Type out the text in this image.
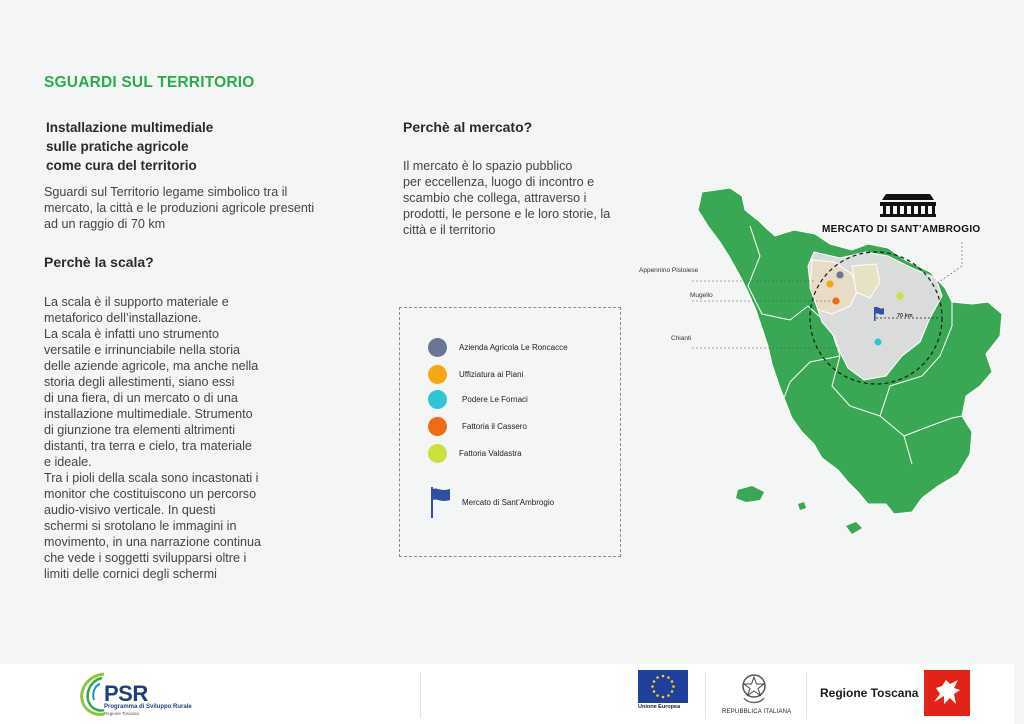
SGUARDI SUL TERRITORIO
Installazione multimediale
sulle pratiche agricole
come cura del territorio

Sguardi sul Territorio legame simbolico tra il
mercato, la città e le produzioni agricole presenti
ad un raggio di 70 km

Perchè la scala?

La scala è il supporto materiale e
metaforico dell’installazione.
La scala è infatti uno strumento
versatile e irrinunciabile nella storia
delle aziende agricole, ma anche nella
storia degli allestimenti, siano essi
di una fiera, di un mercato o di una
installazione multimediale. Strumento
di giunzione tra elementi altrimenti
distanti, tra terra e cielo, tra materiale
e ideale.
Tra i pioli della scala sono incastonati i
monitor che costituiscono un percorso
audio-visivo verticale. In questi
schermi si srotolano le immagini in
movimento, in una narrazione continua
che vede i soggetti svilupparsi oltre i
limiti delle cornici degli schermi

Perchè al mercato?

Il mercato è lo spazio pubblico
per eccellenza, luogo di incontro e
scambio che collega, attraverso i
prodotti, le persone e le loro storie, la
città e il territorio

Azienda Agricola Le Roncacce
Uffiziatura ai Piani
Podere Le Fornaci
Fattoria il Cassero
Fattoria Valdastra
Mercato di Sant’Ambrogio
MERCATO DI SANT’AMBROGIO
Appennino Pistoiese
Mugello
Chianti
70 km
PSR
Programma di Sviluppo Rurale
Regione Toscana
Unione Europea
REPUBBLICA ITALIANA
Regione Toscana
